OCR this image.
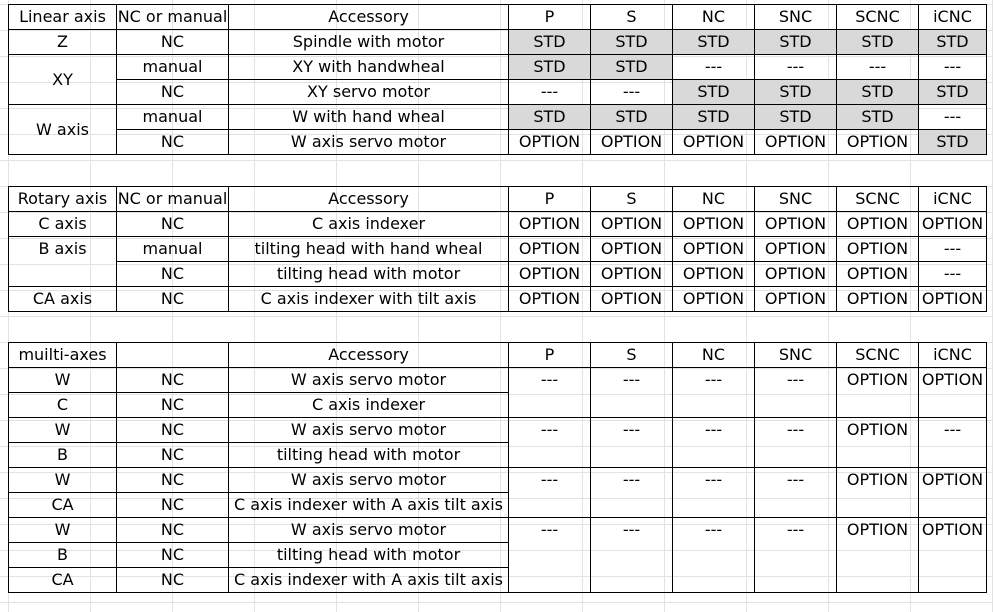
Linear axis	NC or manual	Accessory	P	S	NC	SNC	SCNC	iCNC
Z	NC	Spindle with motor	STD	STD	STD	STD	STD	STD
XY	manual	XY with handwheal	STD	STD	---	---	---	---
	NC	XY servo motor	---	---	STD	STD	STD	STD
W axis	manual	W with hand wheal	STD	STD	STD	STD	STD	---
	NC	W axis servo motor	OPTION	OPTION	OPTION	OPTION	OPTION	STD
Rotary axis	NC or manual	Accessory	P	S	NC	SNC	SCNC	iCNC
C axis	NC	C axis indexer	OPTION	OPTION	OPTION	OPTION	OPTION	OPTION
B axis	manual	tilting head with hand wheal	OPTION	OPTION	OPTION	OPTION	OPTION	---
	NC	tilting head with motor	OPTION	OPTION	OPTION	OPTION	OPTION	---
CA axis	NC	C axis indexer with tilt axis	OPTION	OPTION	OPTION	OPTION	OPTION	OPTION
muilti-axes		Accessory	P	S	NC	SNC	SCNC	iCNC
W	NC	W axis servo motor	---	---	---	---	OPTION	OPTION
C	NC	C axis indexer						
W	NC	W axis servo motor	---	---	---	---	OPTION	---
B	NC	tilting head with motor						
W	NC	W axis servo motor	---	---	---	---	OPTION	OPTION
CA	NC	C axis indexer with A axis tilt axis						
W	NC	W axis servo motor	---	---	---	---	OPTION	OPTION
B	NC	tilting head with motor						
CA	NC	C axis indexer with A axis tilt axis						
